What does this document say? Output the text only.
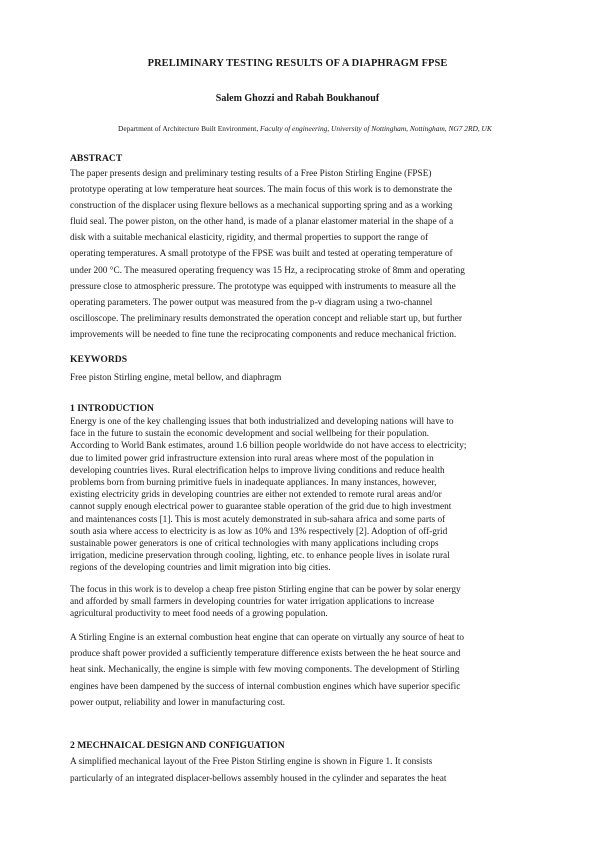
PRELIMINARY TESTING RESULTS OF A DIAPHRAGM FPSE
Salem Ghozzi and Rabah Boukhanouf
Department of Architecture Built Environment, Faculty of engineering, University of Nottingham, Nottingham, NG7 2RD, UK
ABSTRACT
The paper presents design and preliminary testing results of a Free Piston Stirling Engine (FPSE)
prototype operating at low temperature heat sources. The main focus of this work is to demonstrate the
construction of the displacer using flexure bellows as a mechanical supporting spring and as a working
fluid seal. The power piston, on the other hand, is made of a planar elastomer material in the shape of a
disk with a suitable mechanical elasticity, rigidity, and thermal properties to support the range of
operating temperatures. A small prototype of the FPSE was built and tested at operating temperature of
under 200 °C. The measured operating frequency was 15 Hz, a reciprocating stroke of 8mm and operating
pressure close to atmospheric pressure. The prototype was equipped with instruments to measure all the
operating parameters. The power output was measured from the p-v diagram using a two-channel
oscilloscope. The preliminary results demonstrated the operation concept and reliable start up, but further
improvements will be needed to fine tune the reciprocating components and reduce mechanical friction.
KEYWORDS
Free piston Stirling engine, metal bellow, and diaphragm
1 INTRODUCTION
Energy is one of the key challenging issues that both industrialized and developing nations will have to
face in the future to sustain the economic development and social wellbeing for their population.
According to World Bank estimates, around 1.6 billion people worldwide do not have access to electricity;
due to limited power grid infrastructure extension into rural areas where most of the population in
developing countries lives. Rural electrification helps to improve living conditions and reduce health
problems born from burning primitive fuels in inadequate appliances. In many instances, however,
existing electricity grids in developing countries are either not extended to remote rural areas and/or
cannot supply enough electrical power to guarantee stable operation of the grid due to high investment
and maintenances costs [1]. This is most acutely demonstrated in sub-sahara africa and some parts of
south asia where access to electricity is as low as 10% and 13% respectively [2]. Adoption of off-grid
sustainable power generators is one of critical technologies with many applications including crops
irrigation, medicine preservation through cooling, lighting, etc. to enhance people lives in isolate rural
regions of the developing countries and limit migration into big cities.
The focus in this work is to develop a cheap free piston Stirling engine that can be power by solar energy
and afforded by small farmers in developing countries for water irrigation applications to increase
agricultural productivity to meet food needs of a growing population.
A Stirling Engine is an external combustion heat engine that can operate on virtually any source of heat to
produce shaft power provided a sufficiently temperature difference exists between the he heat source and
heat sink. Mechanically, the engine is simple with few moving components. The development of Stirling
engines have been dampened by the success of internal combustion engines which have superior specific
power output, reliability and lower in manufacturing cost.
2 MECHNAICAL DESIGN AND CONFIGUATION
A simplified mechanical layout of the Free Piston Stirling engine is shown in Figure 1. It consists
particularly of an integrated displacer-bellows assembly housed in the cylinder and separates the heat
